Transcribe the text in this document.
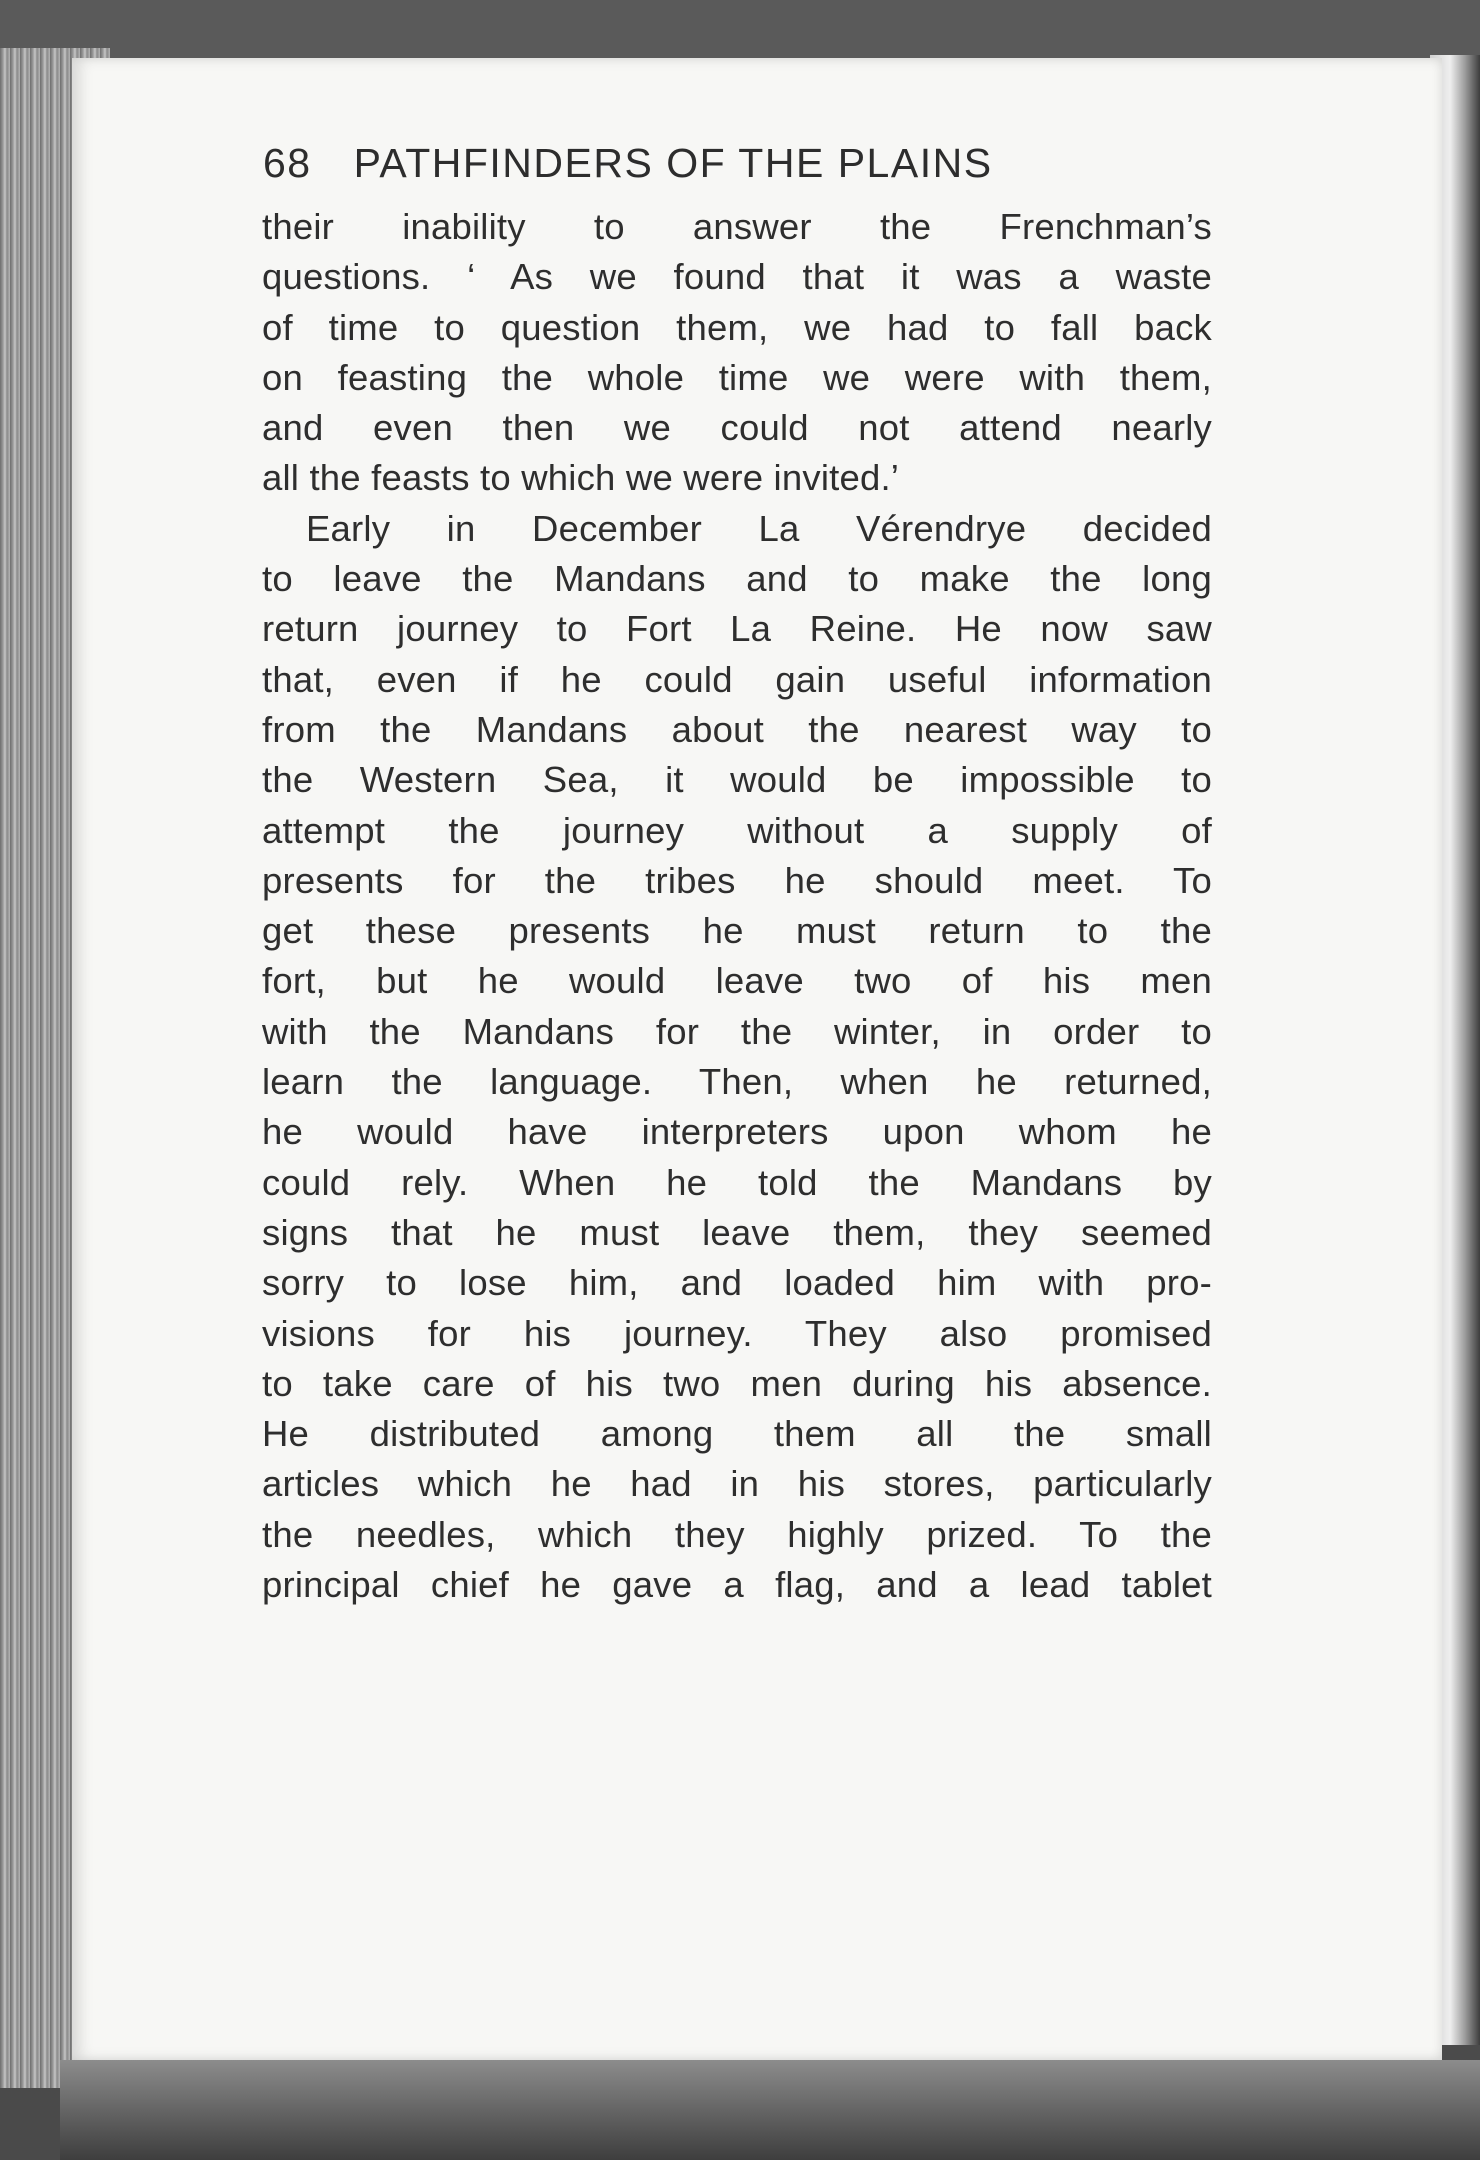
68 PATHFINDERS OF THE PLAINS
their inability to answer the Frenchman’s
questions. ‘ As we found that it was a waste
of time to question them, we had to fall back
on feasting the whole time we were with them,
and even then we could not attend nearly
all the feasts to which we were invited.’
Early in December La Vérendrye decided
to leave the Mandans and to make the long
return journey to Fort La Reine. He now saw
that, even if he could gain useful information
from the Mandans about the nearest way to
the Western Sea, it would be impossible to
attempt the journey without a supply of
presents for the tribes he should meet. To
get these presents he must return to the
fort, but he would leave two of his men
with the Mandans for the winter, in order to
learn the language. Then, when he returned,
he would have interpreters upon whom he
could rely. When he told the Mandans by
signs that he must leave them, they seemed
sorry to lose him, and loaded him with pro-
visions for his journey. They also promised
to take care of his two men during his absence.
He distributed among them all the small
articles which he had in his stores, particularly
the needles, which they highly prized. To the
principal chief he gave a flag, and a lead tablet
